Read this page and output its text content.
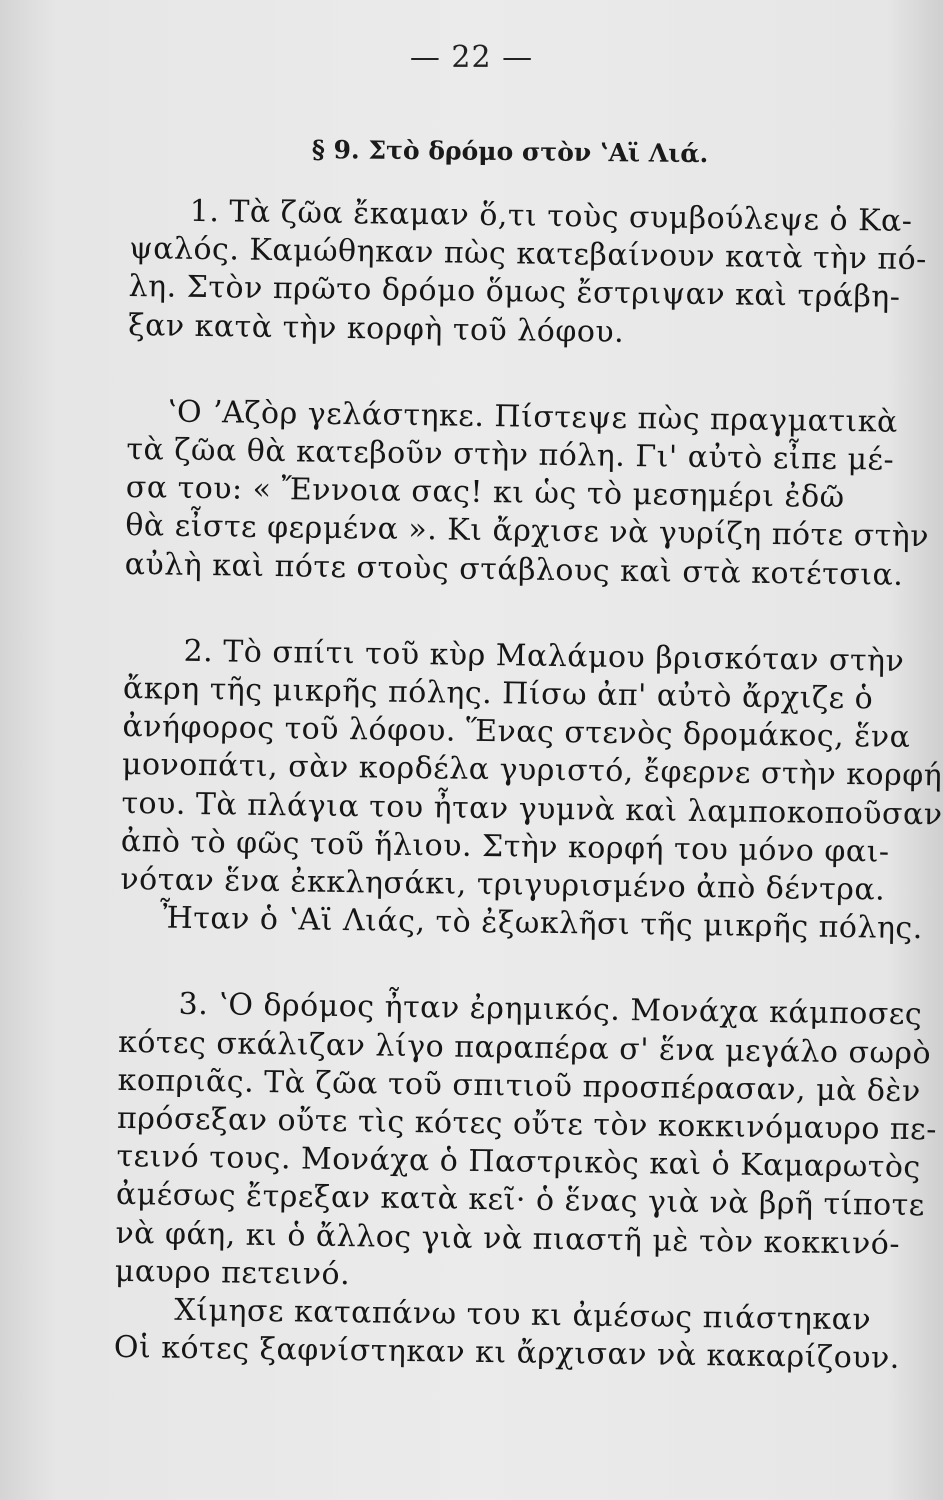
— 22 —
§ 9. Στὸ δρόμο στὸν ʽΑϊ Λιά.
1. Τὰ ζῶα ἔκαμαν ὅ,τι τοὺς συμβούλεψε ὁ Κα-
ψαλός. Καμώθηκαν πὼς κατεβαίνουν κατὰ τὴν πό-
λη. Στὸν πρῶτο δρόμο ὅμως ἔστριψαν καὶ τράβη-
ξαν κατὰ τὴν κορφὴ τοῦ λόφου.
ʽΟ ʼΑζὸρ γελάστηκε. Πίστεψε πὼς πραγματικὰ
τὰ ζῶα θὰ κατεβοῦν στὴν πόλη. Γι' αὐτὸ εἶπε μέ-
σα του: « Ἔννοια σας! κι ὡς τὸ μεσημέρι ἐδῶ
θὰ εἶστε φερμένα ». Κι ἄρχισε νὰ γυρίζη πότε στὴν
αὐλὴ καὶ πότε στοὺς στάβλους καὶ στὰ κοτέτσια.
2. Τὸ σπίτι τοῦ κὺρ Μαλάμου βρισκόταν στὴν
ἄκρη τῆς μικρῆς πόλης. Πίσω ἀπ' αὐτὸ ἄρχιζε ὁ
ἀνήφορος τοῦ λόφου. Ἕνας στενὸς δρομάκος, ἕνα
μονοπάτι, σὰν κορδέλα γυριστό, ἔφερνε στὴν κορφή
του. Τὰ πλάγια του ἦταν γυμνὰ καὶ λαμποκοποῦσαν
ἀπὸ τὸ φῶς τοῦ ἥλιου. Στὴν κορφή του μόνο φαι-
νόταν ἕνα ἐκκλησάκι, τριγυρισμένο ἀπὸ δέντρα.
Ἦταν ὁ ʽΑϊ Λιάς, τὸ ἐξωκλῆσι τῆς μικρῆς πόλης.
3. ʽΟ δρόμος ἦταν ἐρημικός. Μονάχα κάμποσες
κότες σκάλιζαν λίγο παραπέρα σ' ἕνα μεγάλο σωρὸ
κοπριᾶς. Τὰ ζῶα τοῦ σπιτιοῦ προσπέρασαν, μὰ δὲν
πρόσεξαν οὔτε τὶς κότες οὔτε τὸν κοκκινόμαυρο πε-
τεινό τους. Μονάχα ὁ Παστρικὸς καὶ ὁ Καμαρωτὸς
ἀμέσως ἔτρεξαν κατὰ κεῖ· ὁ ἕνας γιὰ νὰ βρῆ τίποτε
νὰ φάη, κι ὁ ἄλλος γιὰ νὰ πιαστῆ μὲ τὸν κοκκινό-
μαυρο πετεινό.
Χίμησε καταπάνω του κι ἀμέσως πιάστηκαν
Οἱ κότες ξαφνίστηκαν κι ἄρχισαν νὰ κακαρίζουν.
